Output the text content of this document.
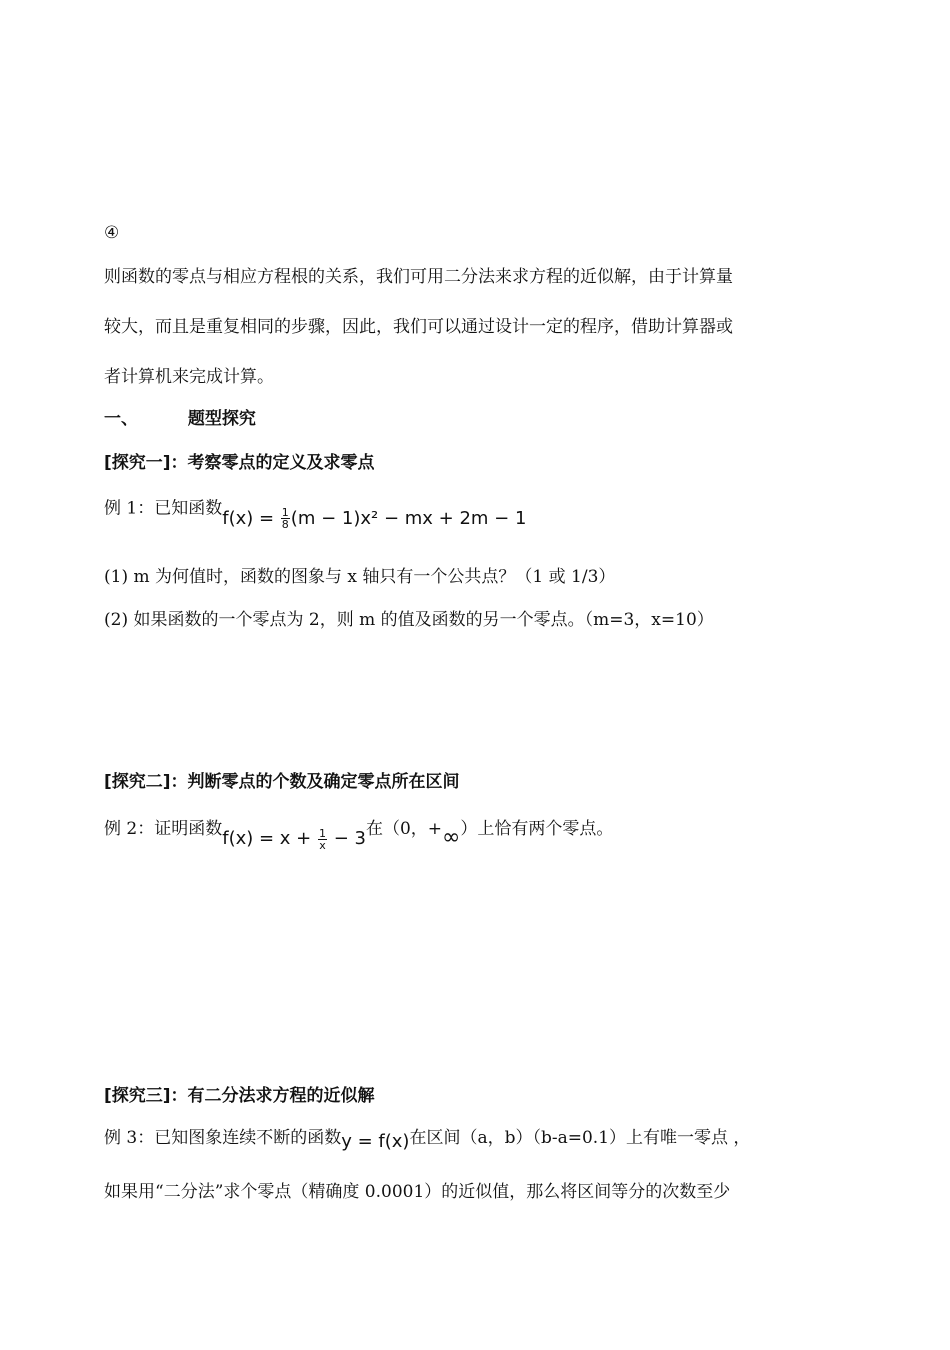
④
则函数的零点与相应方程根的关系，我们可用二分法来求方程的近似解，由于计算量
较大，而且是重复相同的步骤，因此，我们可以通过设计一定的程序，借助计算器或
者计算机来完成计算。
一、	题型探究
[探究一]：考察零点的定义及求零点
例 1：已知函数$f(x) = \frac{1}{8} (m - 1)x^2$ − mx + 2m − 1
(1) m 为何值时，函数的图象与 x 轴只有一个公共点？（1 或 1/3）
(2) 如果函数的一个零点为 2，则 m 的值及函数的另一个零点。（m=3，x=10）
[探究二]：判断零点的个数及确定零点所在区间
例 2：证明函数$f(x) = x + \frac{1}{x} - 3$在（0，+∞）上恰有两个零点。
[探究三]：有二分法求方程的近似解
例 3：已知图象连续不断的函数y = f(x)在区间（a，b）（b-a=0.1）上有唯一零点 ，
如果用“二分法”求个零点（精确度 0.0001）的近似值，那么将区间等分的次数至少
